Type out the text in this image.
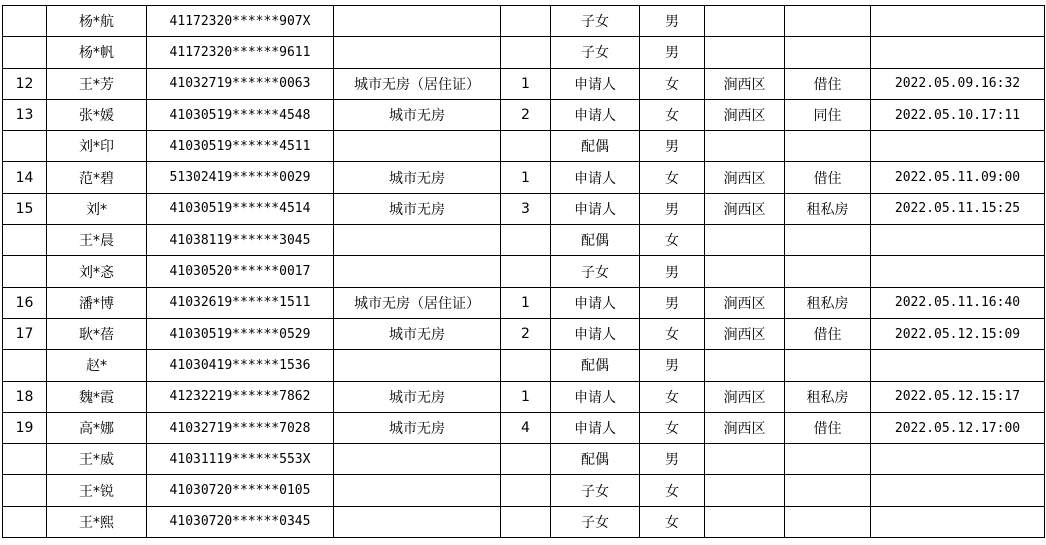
	杨*航	41172320******907X			子女	男			
	杨*帆	41172320******9611			子女	男			
12	王*芳	41032719******0063	城市无房（居住证）	1	申请人	女	涧西区	借住	2022.05.09.16:32
13	张*媛	41030519******4548	城市无房	2	申请人	女	涧西区	同住	2022.05.10.17:11
	刘*印	41030519******4511			配偶	男			
14	范*碧	51302419******0029	城市无房	1	申请人	女	涧西区	借住	2022.05.11.09:00
15	刘*	41030519******4514	城市无房	3	申请人	男	涧西区	租私房	2022.05.11.15:25
	王*晨	41038119******3045			配偶	女			
	刘*忞	41030520******0017			子女	男			
16	潘*博	41032619******1511	城市无房（居住证）	1	申请人	男	涧西区	租私房	2022.05.11.16:40
17	耿*蓓	41030519******0529	城市无房	2	申请人	女	涧西区	借住	2022.05.12.15:09
	赵*	41030419******1536			配偶	男			
18	魏*霞	41232219******7862	城市无房	1	申请人	女	涧西区	租私房	2022.05.12.15:17
19	高*娜	41032719******7028	城市无房	4	申请人	女	涧西区	借住	2022.05.12.17:00
	王*威	41031119******553X			配偶	男			
	王*锐	41030720******0105			子女	女			
	王*熙	41030720******0345			子女	女			
